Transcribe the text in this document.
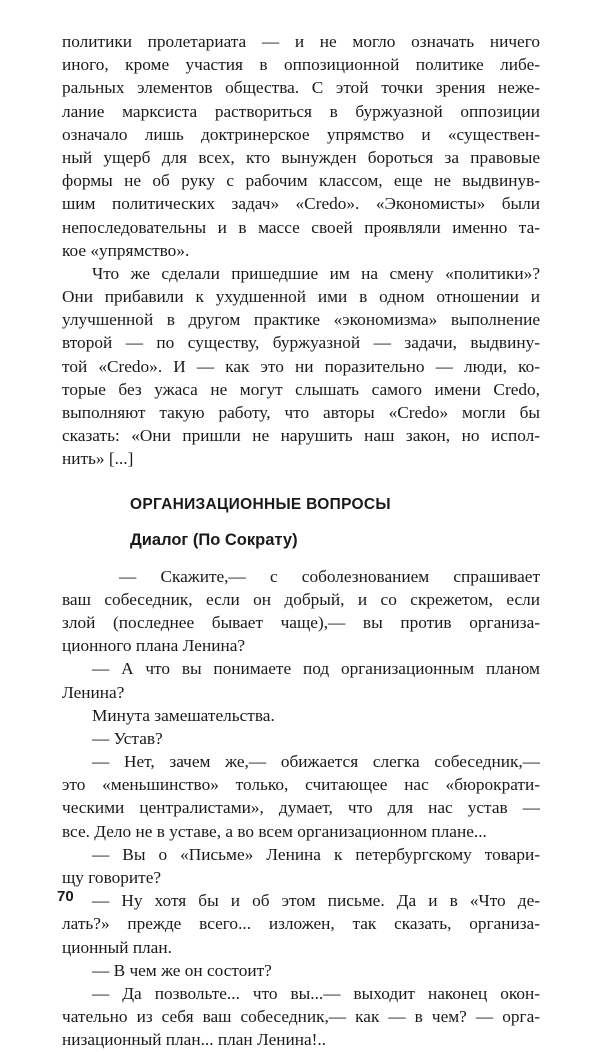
политики пролетариата — и не могло означать ничего
иного, кроме участия в оппозиционной политике либе-
ральных элементов общества. С этой точки зрения неже-
лание марксиста раствориться в буржуазной оппозиции
означало лишь доктринерское упрямство и «существен-
ный ущерб для всех, кто вынужден бороться за правовые
формы не об руку с рабочим классом, еще не выдвинув-
шим политических задач» «Credo». «Экономисты» были
непоследовательны и в массе своей проявляли именно та-
кое «упрямство».
Что же сделали пришедшие им на смену «политики»?
Они прибавили к ухудшенной ими в одном отношении и
улучшенной в другом практике «экономизма» выполнение
второй — по существу, буржуазной — задачи, выдвину-
той «Credo». И — как это ни поразительно — люди, ко-
торые без ужаса не могут слышать самого имени Credo,
выполняют такую работу, что авторы «Credo» могли бы
сказать: «Они пришли не нарушить наш закон, но испол-
нить» [...]
ОРГАНИЗАЦИОННЫЕ ВОПРОСЫ
Диалог (По Сократу)
— Скажите,— с соболезнованием спрашивает
ваш собеседник, если он добрый, и со скрежетом, если
злой (последнее бывает чаще),— вы против организа-
ционного плана Ленина?
— А что вы понимаете под организационным планом
Ленина?
Минута замешательства.
— Устав?
— Нет, зачем же,— обижается слегка собеседник,—
это «меньшинство» только, считающее нас «бюрократи-
ческими централистами», думает, что для нас устав —
все. Дело не в уставе, а во всем организационном плане...
— Вы о «Письме» Ленина к петербургскому товари-
щу говорите?
— Ну хотя бы и об этом письме. Да и в «Что де-
лать?» прежде всего... изложен, так сказать, организа-
ционный план.
— В чем же он состоит?
— Да позвольте... что вы...— выходит наконец окон-
чательно из себя ваш собеседник,— как — в чем? — орга-
низационный план... план Ленина!..
70
